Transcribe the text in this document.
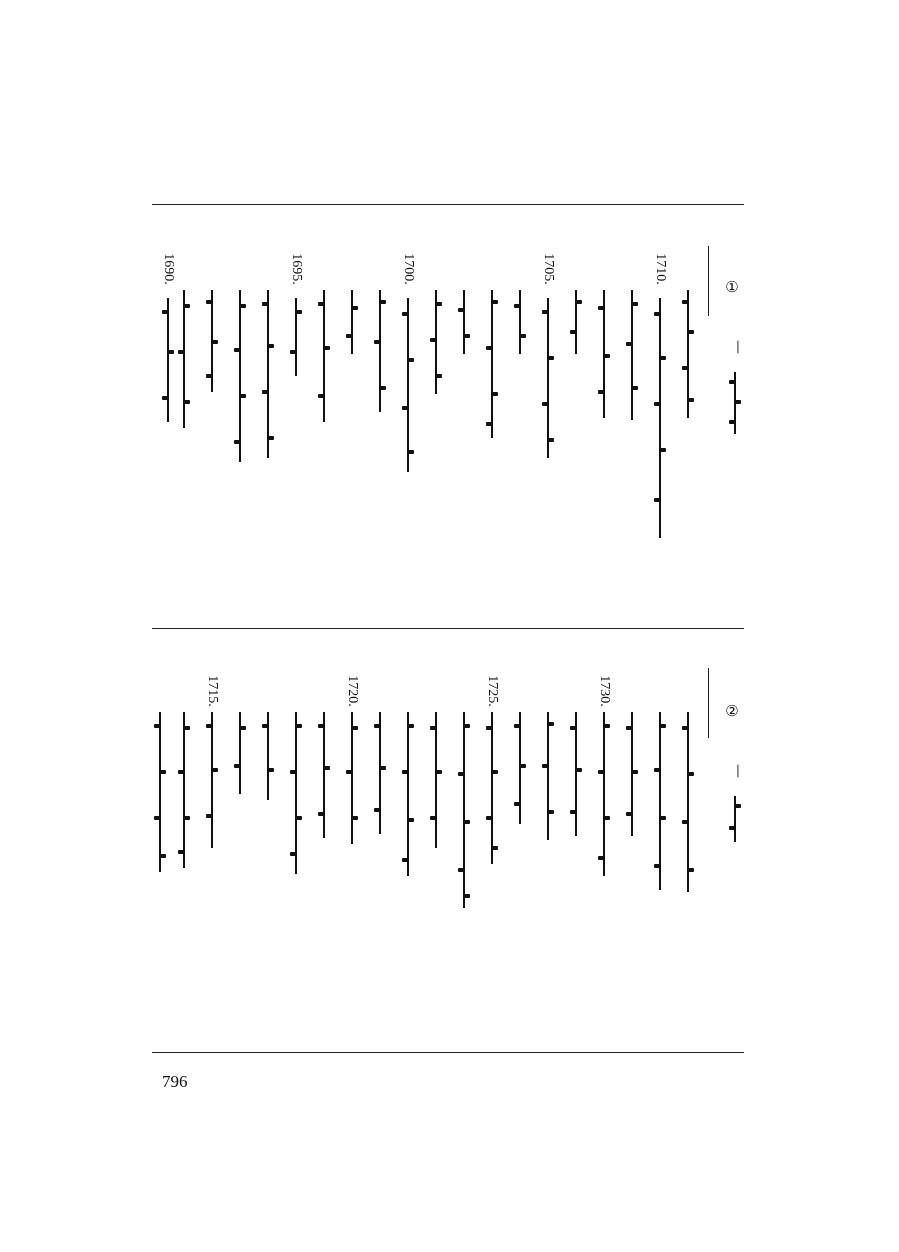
①
—
1710.
1705.
1700.
1695.
1690.
②
—
1730.
1725.
1720.
1715.
796
